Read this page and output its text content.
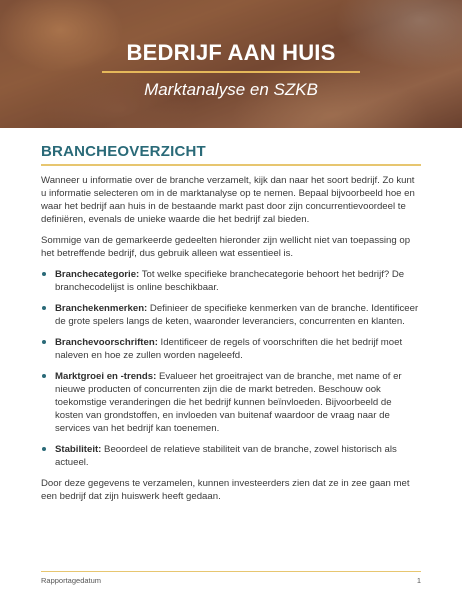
BEDRIJF AAN HUIS
Marktanalyse en SZKB
BRANCHEOVERZICHT

Wanneer u informatie over de branche verzamelt, kijk dan naar het soort bedrijf. Zo kunt u informatie selecteren om in de marktanalyse op te nemen. Bepaal bijvoorbeeld hoe en waar het bedrijf aan huis in de bestaande markt past door zijn concurrentievoordeel te definiëren, evenals de unieke waarde die het bedrijf zal bieden.

Sommige van de gemarkeerde gedeelten hieronder zijn wellicht niet van toepassing op het betreffende bedrijf, dus gebruik alleen wat essentieel is.

Branchecategorie: Tot welke specifieke branchecategorie behoort het bedrijf? De branchecodelijst is online beschikbaar.
Branchekenmerken: Definieer de specifieke kenmerken van de branche. Identificeer de grote spelers langs de keten, waaronder leveranciers, concurrenten en klanten.
Branchevoorschriften: Identificeer de regels of voorschriften die het bedrijf moet naleven en hoe ze zullen worden nageleefd.
Marktgroei en -trends: Evalueer het groeitraject van de branche, met name of er nieuwe producten of concurrenten zijn die de markt betreden. Beschouw ook toekomstige veranderingen die het bedrijf kunnen beïnvloeden. Bijvoorbeeld de kosten van grondstoffen, en invloeden van buitenaf waardoor de vraag naar de services van het bedrijf kan toenemen.
Stabiliteit: Beoordeel de relatieve stabiliteit van de branche, zowel historisch als actueel.

Door deze gegevens te verzamelen, kunnen investeerders zien dat ze in zee gaan met een bedrijf dat zijn huiswerk heeft gedaan.

Rapportagedatum	1
